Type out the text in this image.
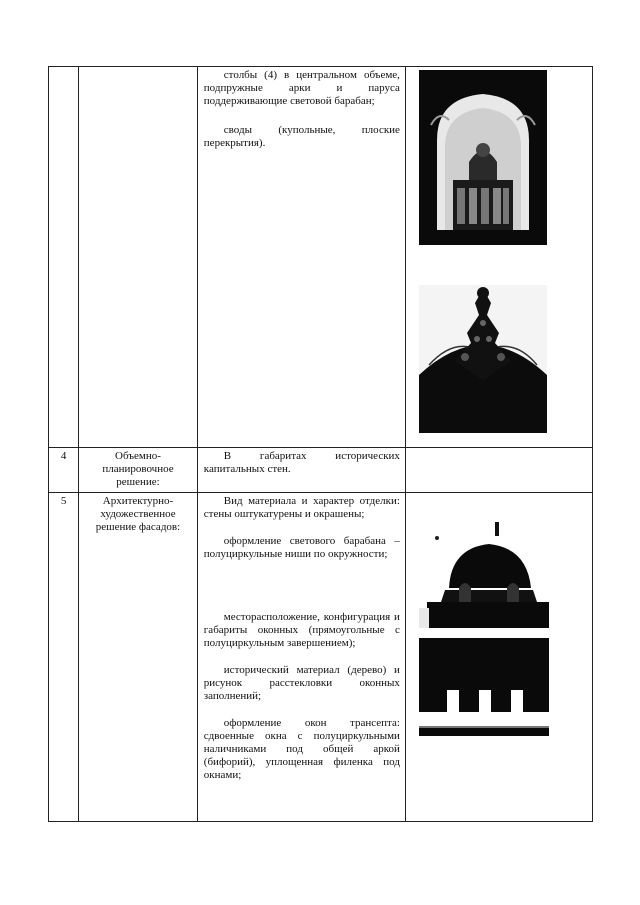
		столбы (4) в центральном объеме, подпружные арки и паруса поддерживающие световой барабан;
своды (купольные, плоские перекрытия).

4	Объемно-планировочное решение:	В габаритах исторических капитальных стен.	

5	Архитектурно-художественное решение фасадов:	Вид материала и характер отделки: стены оштукатурены и окрашены;
оформление светового барабана – полуциркульные ниши по окружности;
месторасположение, конфигурация и габариты оконных (прямоугольные с полуциркульным завершением);
исторический материал (дерево) и рисунок расстекловки оконных заполнений;
оформление окон трансепта: сдвоенные окна с полуциркульными наличниками под общей аркой (бифорий), уплощенная филенка под окнами;
